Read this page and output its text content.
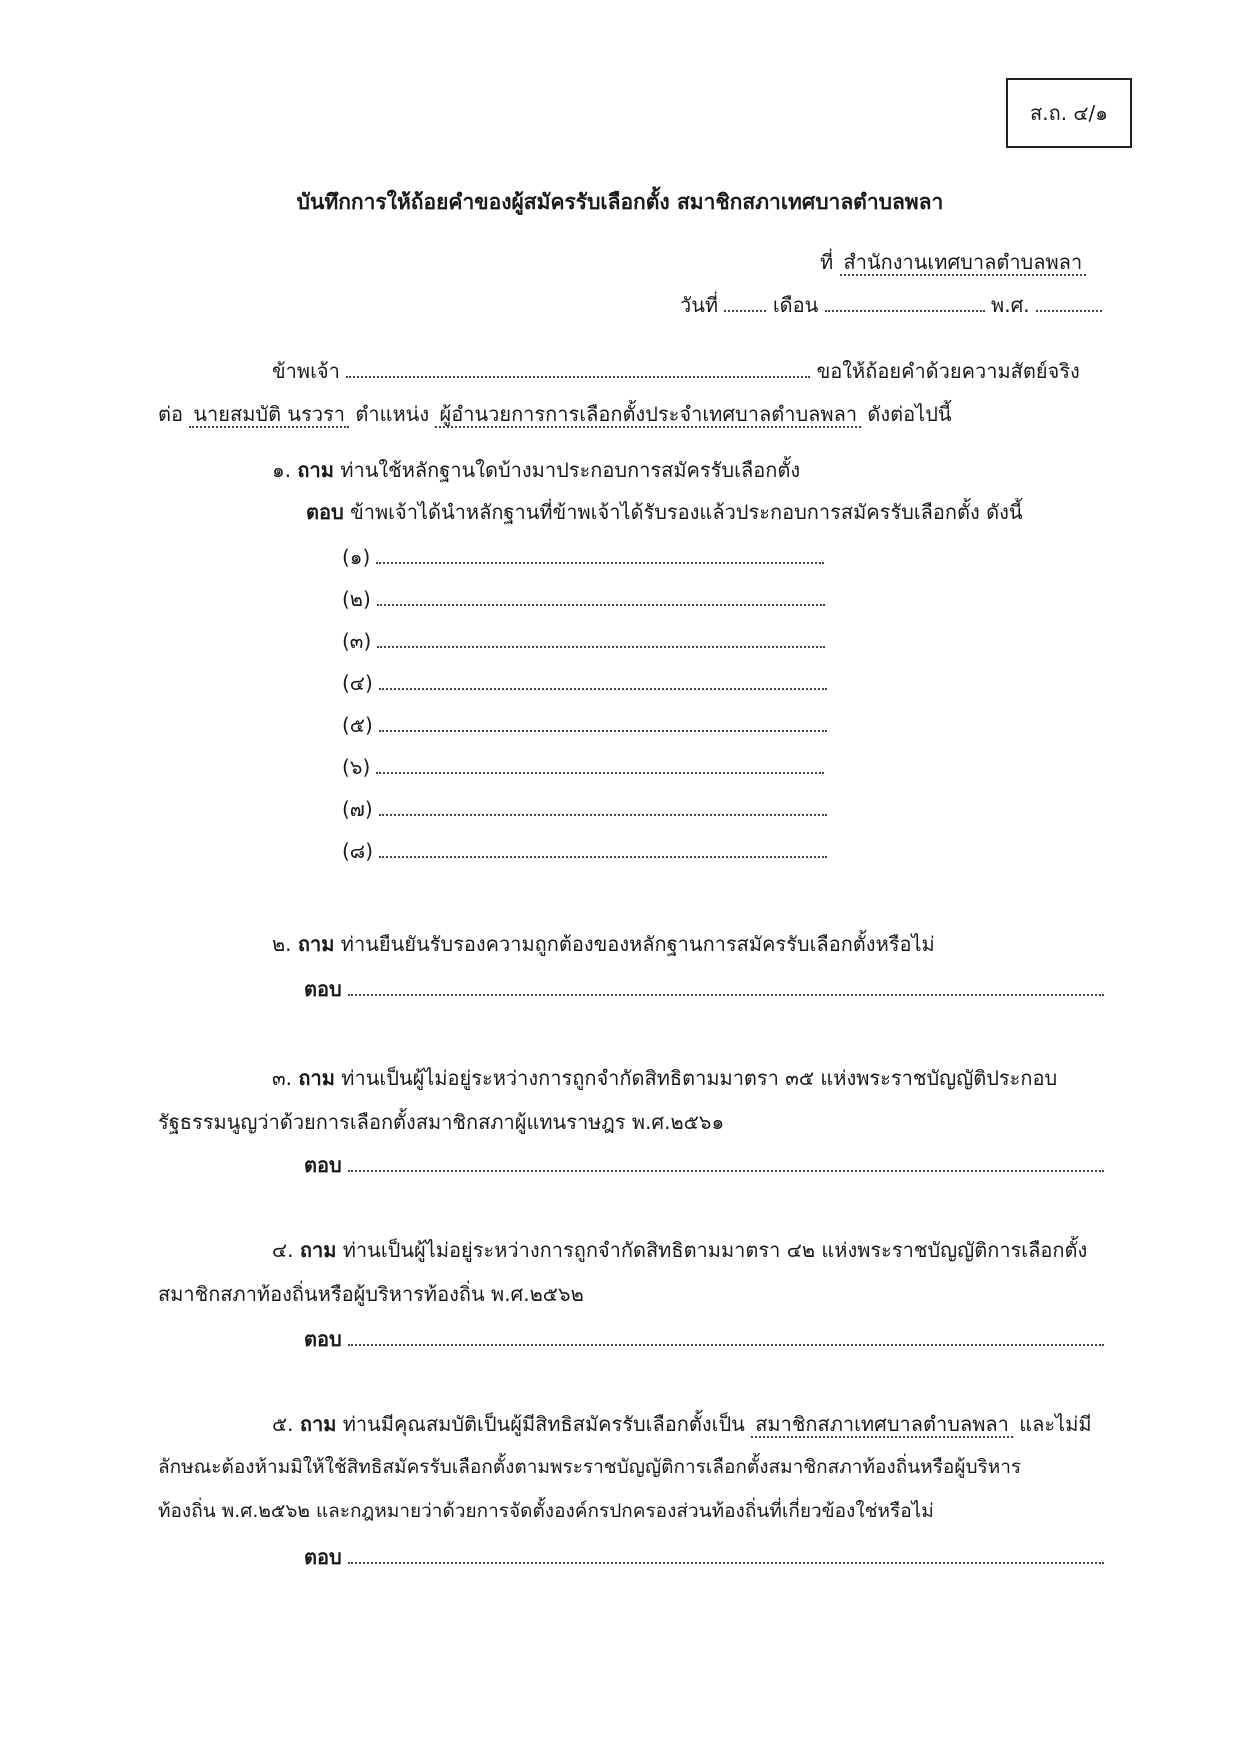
ส.ถ. ๔/๑
บันทึกการให้ถ้อยคำของผู้สมัครรับเลือกตั้ง สมาชิกสภาเทศบาลตำบลพลา
ที่ สำนักงานเทศบาลตำบลพลา
วันที่	เดือน	พ.ศ.
ข้าพเจ้า	ขอให้ถ้อยคำด้วยความสัตย์จริง
ต่อ นายสมบัติ นรวรา ตำแหน่ง ผู้อำนวยการการเลือกตั้งประจำเทศบาลตำบลพลา ดังต่อไปนี้
๑. ถาม ท่านใช้หลักฐานใดบ้างมาประกอบการสมัครรับเลือกตั้ง
ตอบ ข้าพเจ้าได้นำหลักฐานที่ข้าพเจ้าได้รับรองแล้วประกอบการสมัครรับเลือกตั้ง ดังนี้
(๑)
(๒)
(๓)
(๔)
(๕)
(๖)
(๗)
(๘)
๒. ถาม ท่านยืนยันรับรองความถูกต้องของหลักฐานการสมัครรับเลือกตั้งหรือไม่
ตอบ
๓. ถาม ท่านเป็นผู้ไม่อยู่ระหว่างการถูกจำกัดสิทธิตามมาตรา ๓๕ แห่งพระราชบัญญัติประกอบ
รัฐธรรมนูญว่าด้วยการเลือกตั้งสมาชิกสภาผู้แทนราษฎร พ.ศ.๒๕๖๑
ตอบ
๔. ถาม ท่านเป็นผู้ไม่อยู่ระหว่างการถูกจำกัดสิทธิตามมาตรา ๔๒ แห่งพระราชบัญญัติการเลือกตั้ง
สมาชิกสภาท้องถิ่นหรือผู้บริหารท้องถิ่น พ.ศ.๒๕๖๒
ตอบ
๕. ถาม ท่านมีคุณสมบัติเป็นผู้มีสิทธิสมัครรับเลือกตั้งเป็น สมาชิกสภาเทศบาลตำบลพลา และไม่มี
ลักษณะต้องห้ามมิให้ใช้สิทธิสมัครรับเลือกตั้งตามพระราชบัญญัติการเลือกตั้งสมาชิกสภาท้องถิ่นหรือผู้บริหาร
ท้องถิ่น พ.ศ.๒๕๖๒ และกฎหมายว่าด้วยการจัดตั้งองค์กรปกครองส่วนท้องถิ่นที่เกี่ยวข้องใช่หรือไม่
ตอบ
